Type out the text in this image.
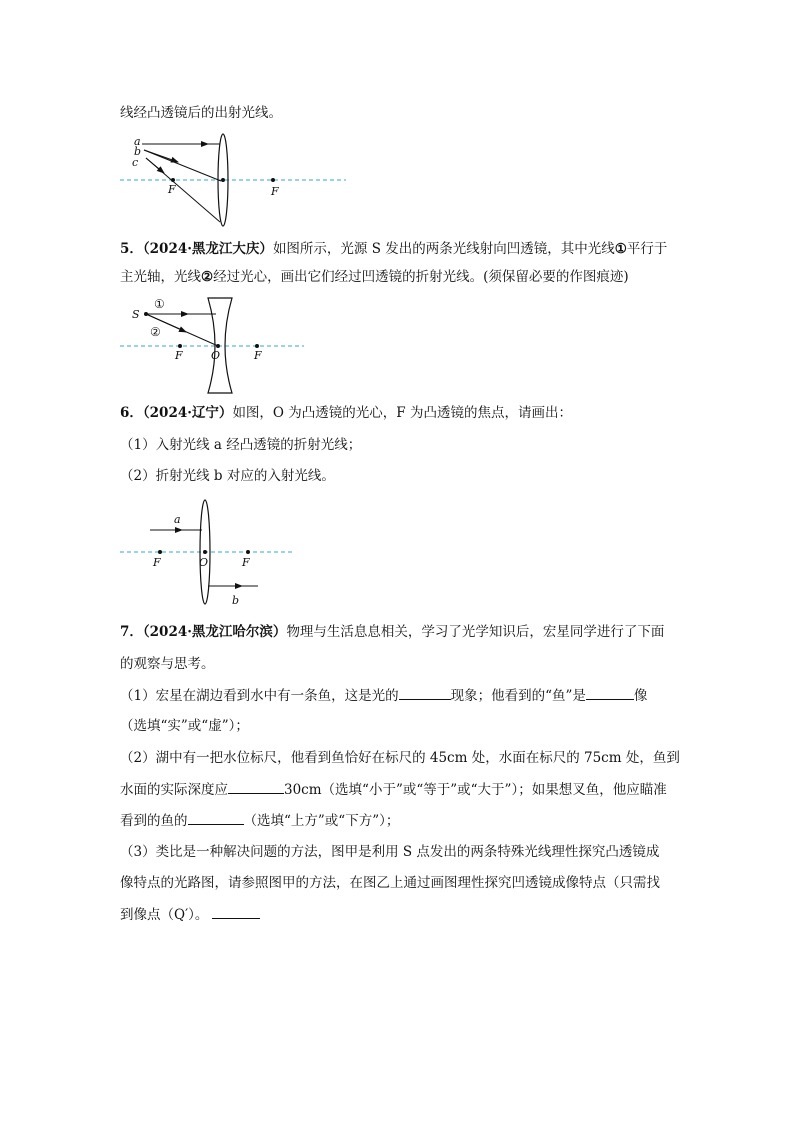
线经凸透镜后的出射光线。
a
b
c
F	F
5．（2024·黑龙江大庆）如图所示，光源 S 发出的两条光线射向凹透镜，其中光线①平行于
主光轴，光线②经过光心，画出它们经过凹透镜的折射光线。(须保留必要的作图痕迹)
S
①
②
F	O	F
6．（2024·辽宁）如图，O 为凸透镜的光心，F 为凸透镜的焦点，请画出：
（1）入射光线 a 经凸透镜的折射光线；
（2）折射光线 b 对应的入射光线。
a
b
F	O	F
7．（2024·黑龙江哈尔滨）物理与生活息息相关，学习了光学知识后，宏星同学进行了下面
的观察与思考。
（1）宏星在湖边看到水中有一条鱼，这是光的	现象；他看到的“鱼”是	像
（选填“实”或“虚”）；
（2）湖中有一把水位标尺，他看到鱼恰好在标尺的 45cm 处，水面在标尺的 75cm 处，鱼到
水面的实际深度应	30cm（选填“小于”或“等于”或“大于”）；如果想叉鱼，他应瞄准
看到的鱼的	（选填“上方”或“下方”）；
（3）类比是一种解决问题的方法，图甲是利用 S 点发出的两条特殊光线理性探究凸透镜成
像特点的光路图，请参照图甲的方法，在图乙上通过画图理性探究凹透镜成像特点（只需找
到像点（Q′）。
